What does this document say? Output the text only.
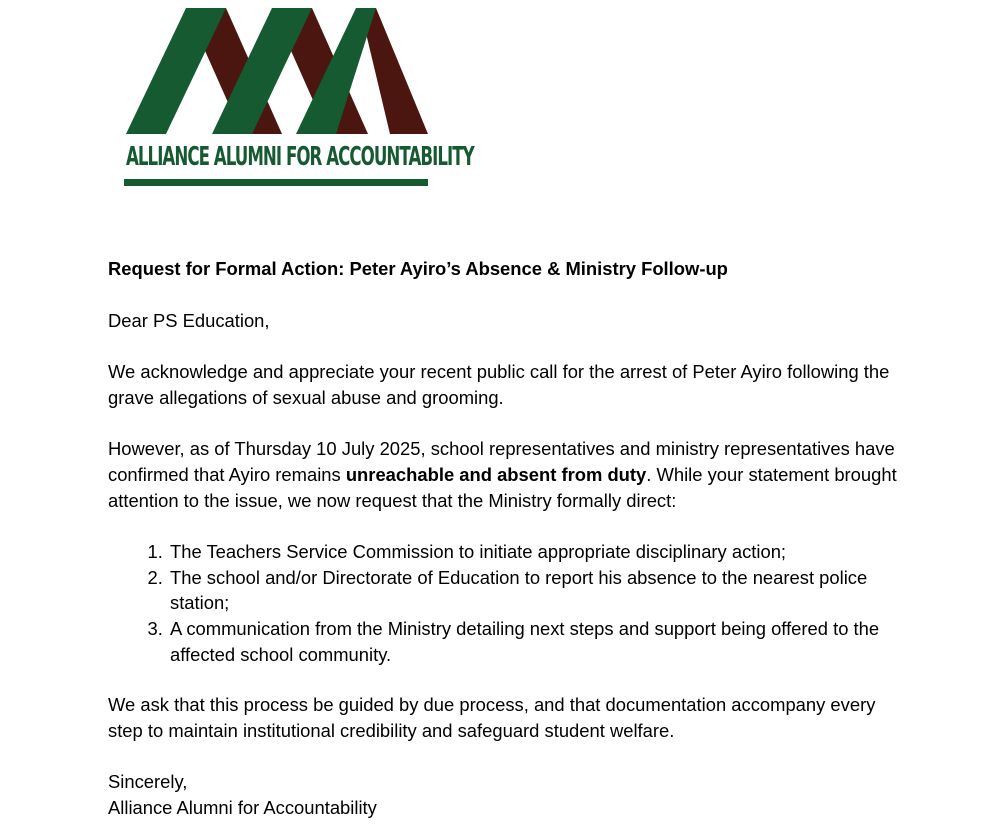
ALLIANCE ALUMNI FOR ACCOUNTABILITY

Request for Formal Action: Peter Ayiro’s Absence & Ministry Follow-up

Dear PS Education,

We acknowledge and appreciate your recent public call for the arrest of Peter Ayiro following the grave allegations of sexual abuse and grooming.

However, as of Thursday 10 July 2025, school representatives and ministry representatives have confirmed that Ayiro remains unreachable and absent from duty. While your statement brought attention to the issue, we now request that the Ministry formally direct:

1. The Teachers Service Commission to initiate appropriate disciplinary action;
2. The school and/or Directorate of Education to report his absence to the nearest police station;
3. A communication from the Ministry detailing next steps and support being offered to the affected school community.

We ask that this process be guided by due process, and that documentation accompany every step to maintain institutional credibility and safeguard student welfare.

Sincerely,

Alliance Alumni for Accountability
